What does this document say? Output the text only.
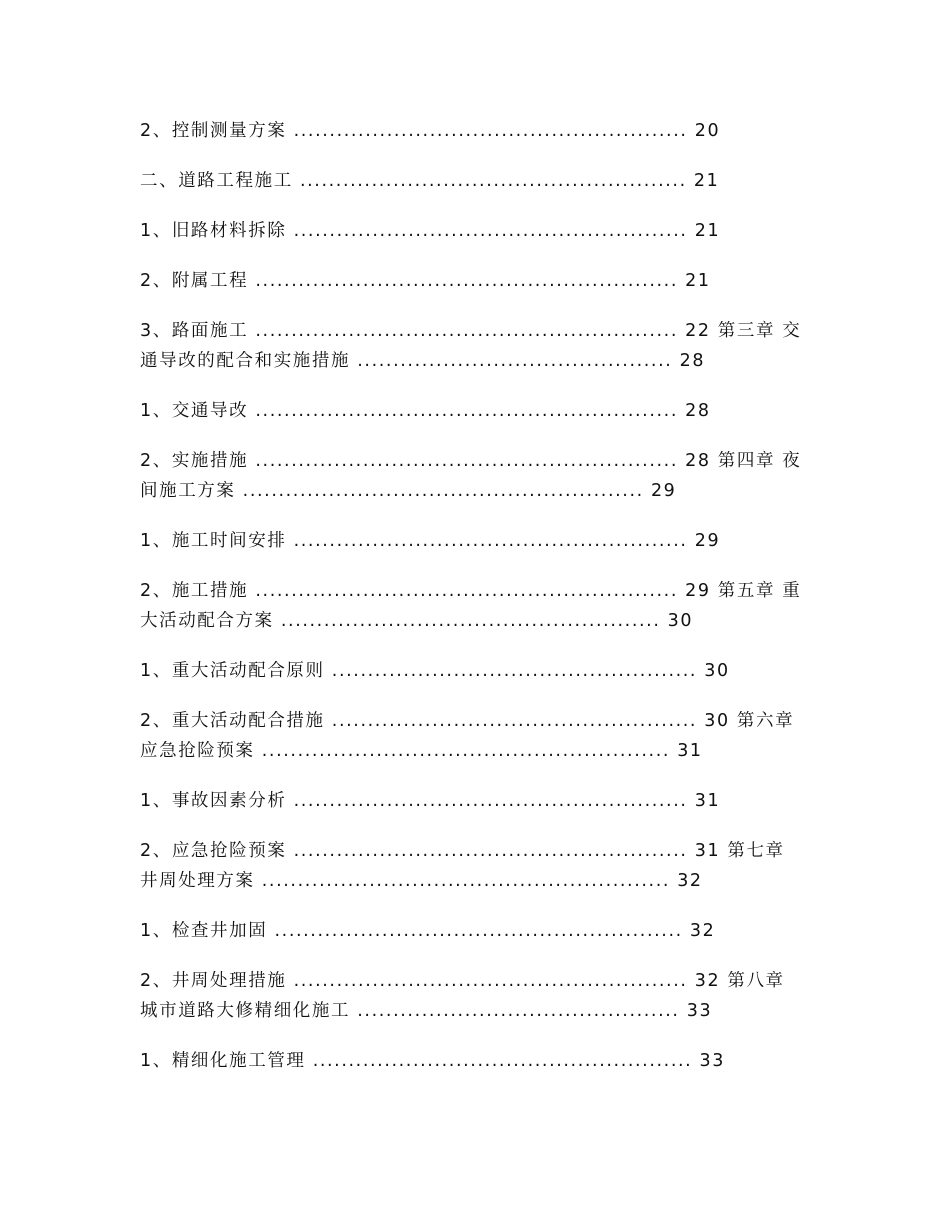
2、控制测量方案 ....................................................... 20
二、道路工程施工 ...................................................... 21
1、旧路材料拆除 ....................................................... 21
2、附属工程 ........................................................... 21
3、路面施工 ........................................................... 22 第三章 交
通导改的配合和实施措施 ............................................ 28
1、交通导改 ........................................................... 28
2、实施措施 ........................................................... 28 第四章 夜
间施工方案 ........................................................ 29
1、施工时间安排 ....................................................... 29
2、施工措施 ........................................................... 29 第五章 重
大活动配合方案 ..................................................... 30
1、重大活动配合原则 ................................................... 30
2、重大活动配合措施 ................................................... 30 第六章
应急抢险预案 ......................................................... 31
1、事故因素分析 ....................................................... 31
2、应急抢险预案 ....................................................... 31 第七章
井周处理方案 ......................................................... 32
1、检查井加固 ......................................................... 32
2、井周处理措施 ....................................................... 32 第八章
城市道路大修精细化施工 ............................................. 33
1、精细化施工管理 ..................................................... 33
